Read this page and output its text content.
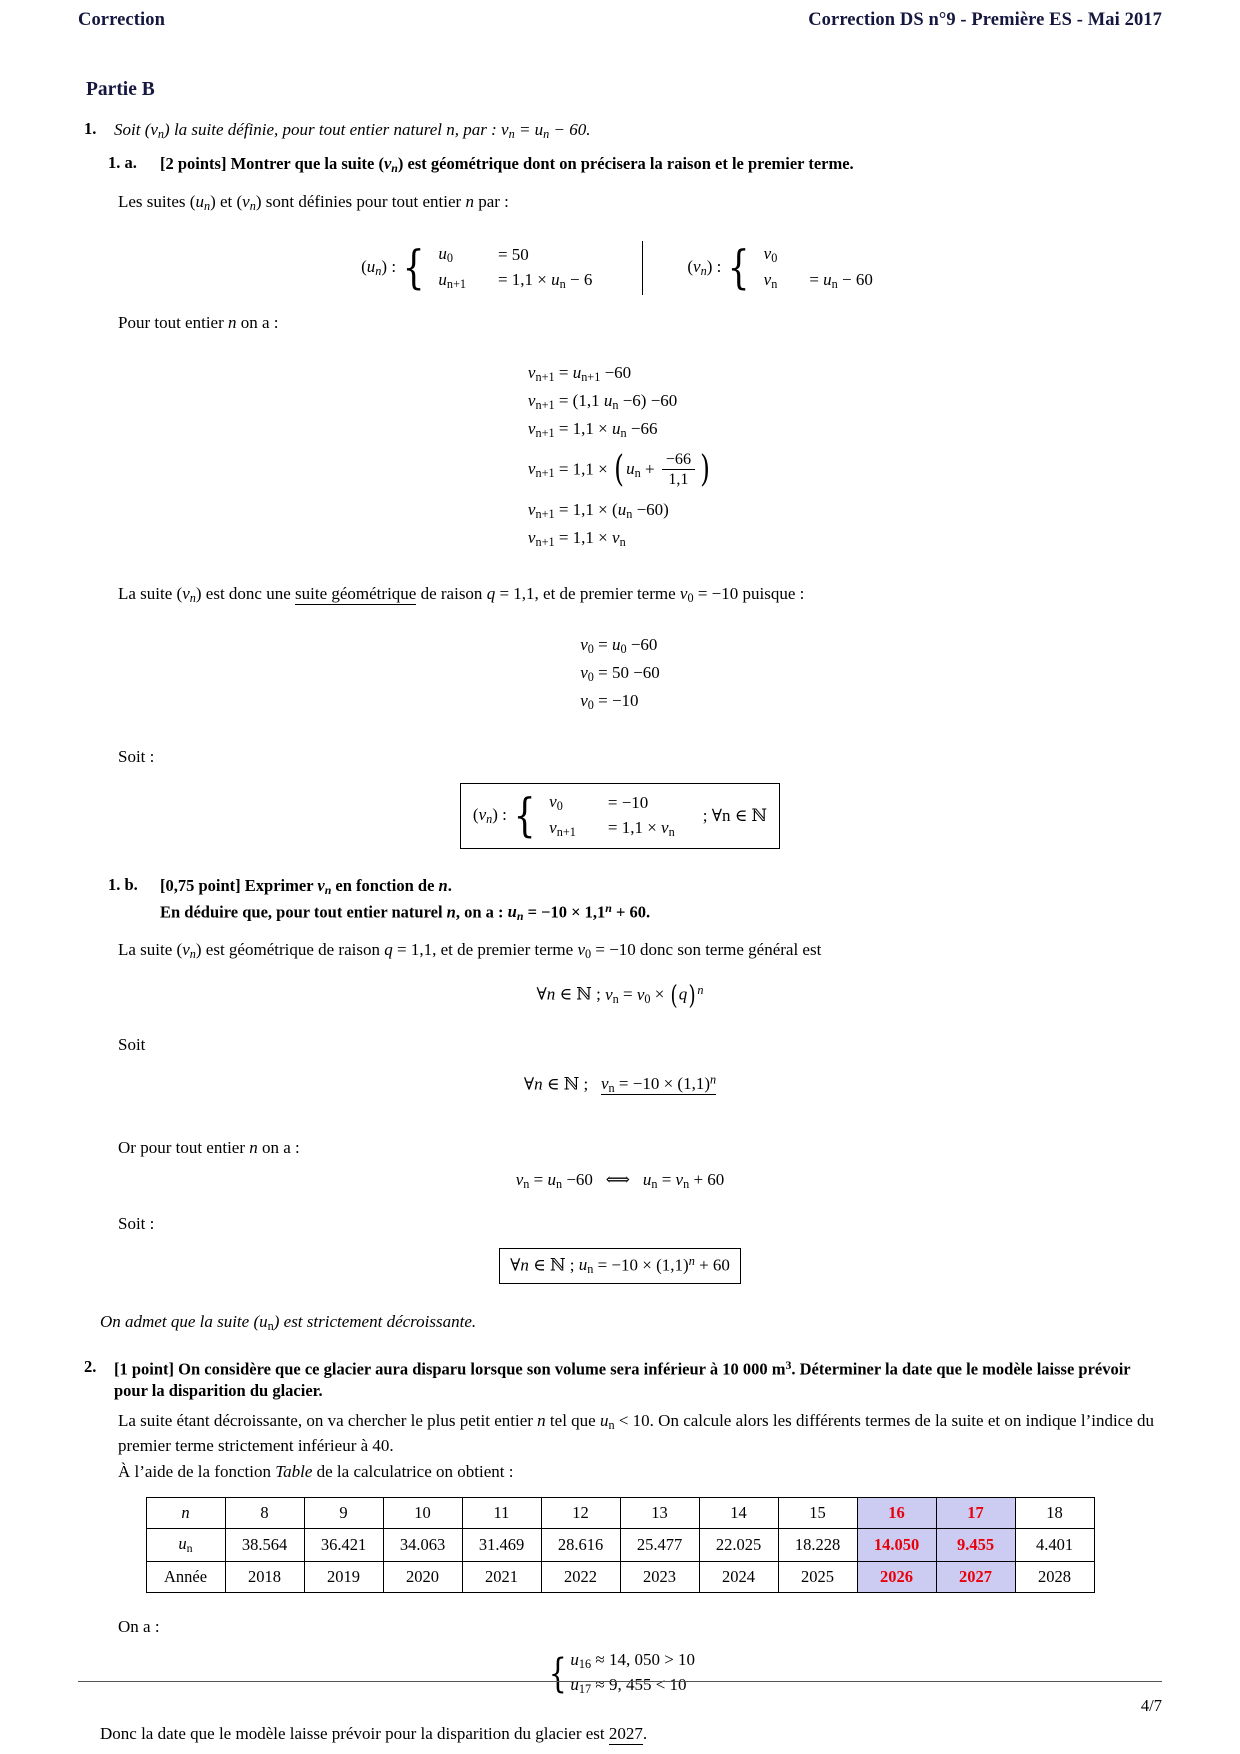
Correction	Correction DS n°9 - Première ES - Mai 2017
Partie B
1.	Soit $(v_n)$ la suite définie, pour tout entier naturel n, par : $v_n = u_n - 60$.
1. a.	[2 points] Montrer que la suite $(v_n)$ est géométrique dont on précisera la raison et le premier terme.

Les suites $(u_n)$ et $(v_n)$ sont définies pour tout entier n par :

$(u_n)$ : { $u_0$	= 50
$u_{n+1}$	= $1,1 \times u_n - 6$
$(v_n)$ : { $v_0$	
$v_n$	= $u_n - 60$

Pour tout entier n on a :

$v_{n+1} = u_{n+1} -60$
$v_{n+1} = (1,1$ $u_n -6) -60$
$v_{n+1} = 1,1 \times u_n -66$
$v_{n+1} = 1,1$ × ( $u_n + \frac{-66}{1,1}$ )
$v_{n+1} = 1,1 \times (u_n -60)$
$v_{n+1} = 1,1 \times v_n$

La suite $(v_n)$ est donc une suite géométrique de raison q = 1,1, et de premier terme $v_0 = -10$ puisque :

$v_0 = u_0 -60$
$v_0 = 50 -60$
$v_0 = -10$

Soit :

$(v_n)$ : { $v_0$	= −10
$v_{n+1}$	= $1,1 \times v_n$
; ∀n ∈ ℕ
1. b.	[0,75 point] Exprimer $v_n$ en fonction de n.
En déduire que, pour tout entier naturel n, on a : $u_n = -10 \times 1,1^n + 60$.

La suite $(v_n)$ est géométrique de raison q = 1,1, et de premier terme $v_0 = -10$ donc son terme général est

∀n ∈ ℕ ; $v_n = v_0 \times (q)$ $^n$

Soit

∀n ∈ ℕ ;   $v_n = -10 \times (1,1)^n$

Or pour tout entier n on a :

$v_n = u_n -60$   ⟺   $u_n = v_n + 60$

Soit :

∀n ∈ ℕ ; $u_n = -10 \times (1,1)^n + 60$

On admet que la suite $(u_n)$ est strictement décroissante.

2.	[1 point] On considère que ce glacier aura disparu lorsque son volume sera inférieur à 10 000 $m^3$. Déterminer la date que le modèle laisse prévoir pour la disparition du glacier.

La suite étant décroissante, on va chercher le plus petit entier n tel que $u_n < 10$. On calcule alors les différents termes de la suite et on indique l’indice du premier terme strictement inférieur à 40.

À l’aide de la fonction Table de la calculatrice on obtient :

n	8	9	10	11	12	13	14	15	16	17	18
$u_n$	38.564	36.421	34.063	31.469	28.616	25.477	22.025	18.228	14.050	9.455	4.401
Année	2018	2019	2020	2021	2022	2023	2024	2025	2026	2027	2028

On a :

{ $u_{16} \approx 14$, 050 > 10
$u_{17} \approx 9$, 455 < 10

Donc la date que le modèle laisse prévoir pour la disparition du glacier est 2027.

4/7
